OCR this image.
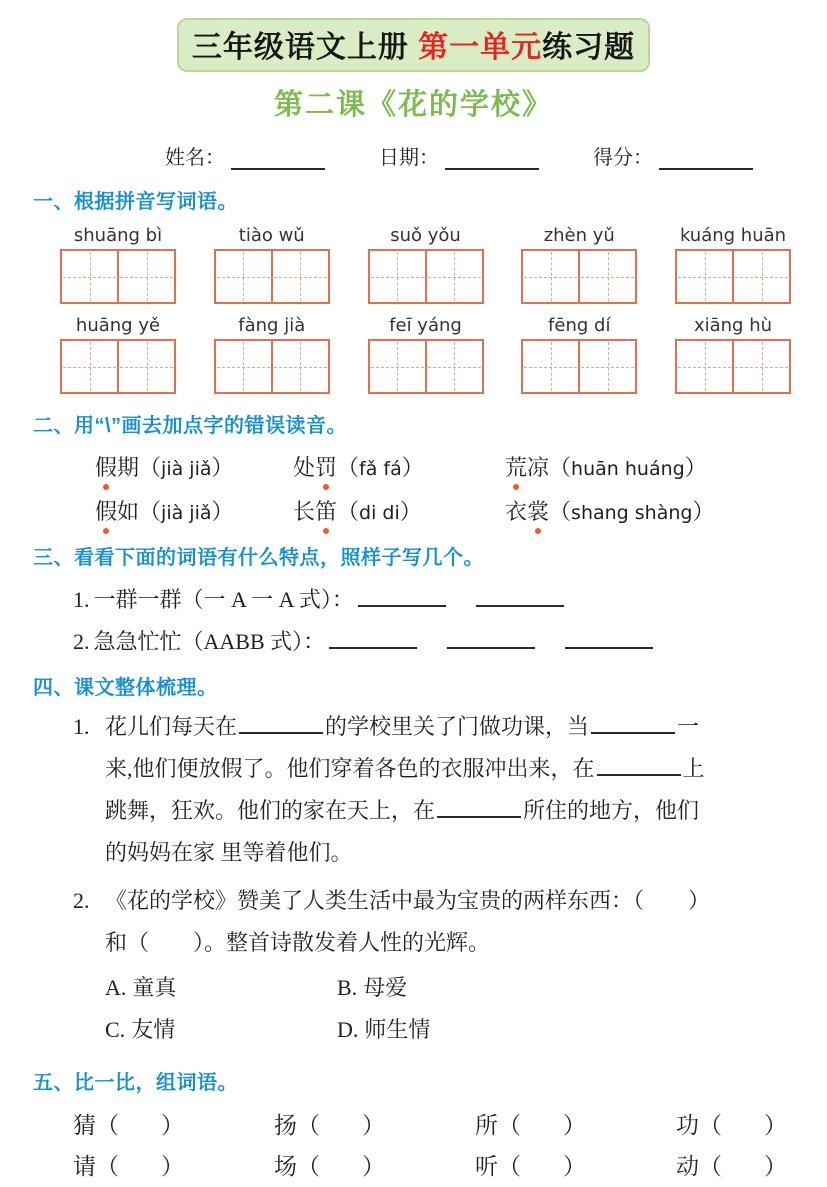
三年级语文上册 第一单元练习题
第二课《花的学校》
姓名：	日期：	得分：
一、根据拼音写词语。
shuāng bì	tiào wǔ	suǒ yǒu	zhèn yǔ	kuáng huān
huāng yě	fàng jià	feī yáng	fēng dí	xiāng hù
二、用“\”画去加点字的错误读音。
假期（jià jiǎ）	处罚（fǎ fá）	荒凉（huān huáng）
假如（jià jiǎ）	长笛（di di）	衣裳（shang shàng）
三、看看下面的词语有什么特点，照样子写几个。
1. 一群一群（一 A 一 A 式）：
2. 急急忙忙（AABB 式）：
四、课文整体梳理。
1. 花儿们每天在	的学校里关了门做功课，当	一
来,他们便放假了。他们穿着各色的衣服冲出来，在	上
跳舞，狂欢。他们的家在天上，在	所住的地方，他们
的妈妈在家 里等着他们。
2. 《花的学校》赞美了人类生活中最为宝贵的两样东西：（　　）
和（　　）。整首诗散发着人性的光辉。
A. 童真	B. 母爱
C. 友情	D. 师生情
五、比一比，组词语。
猜（ ）	扬（ ）	所（ ）	功（ ）
请（ ）	场（ ）	听（ ）	动（ ）
